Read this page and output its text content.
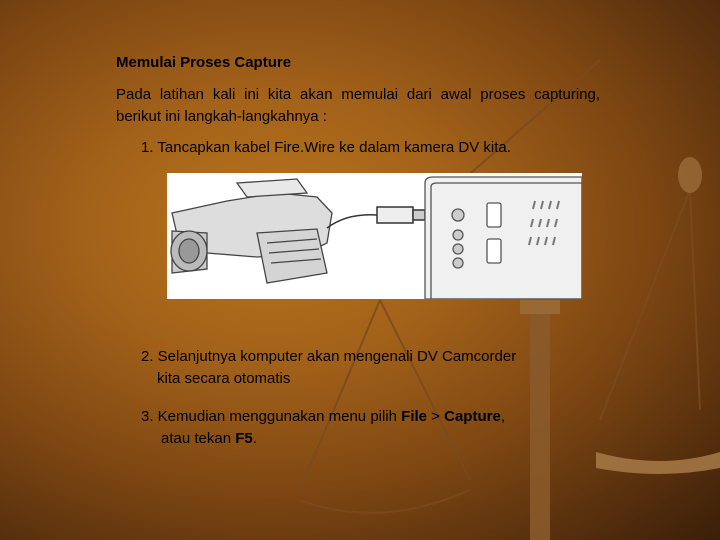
Memulai Proses Capture
Pada latihan kali ini kita akan memulai dari awal proses capturing, berikut ini langkah-langkahnya :
1. Tancapkan kabel Fire.Wire ke dalam kamera DV kita.
2. Selanjutnya komputer akan mengenali DV Camcorder
kita secara otomatis
3. Kemudian menggunakan menu pilih File > Capture,
atau tekan F5.
